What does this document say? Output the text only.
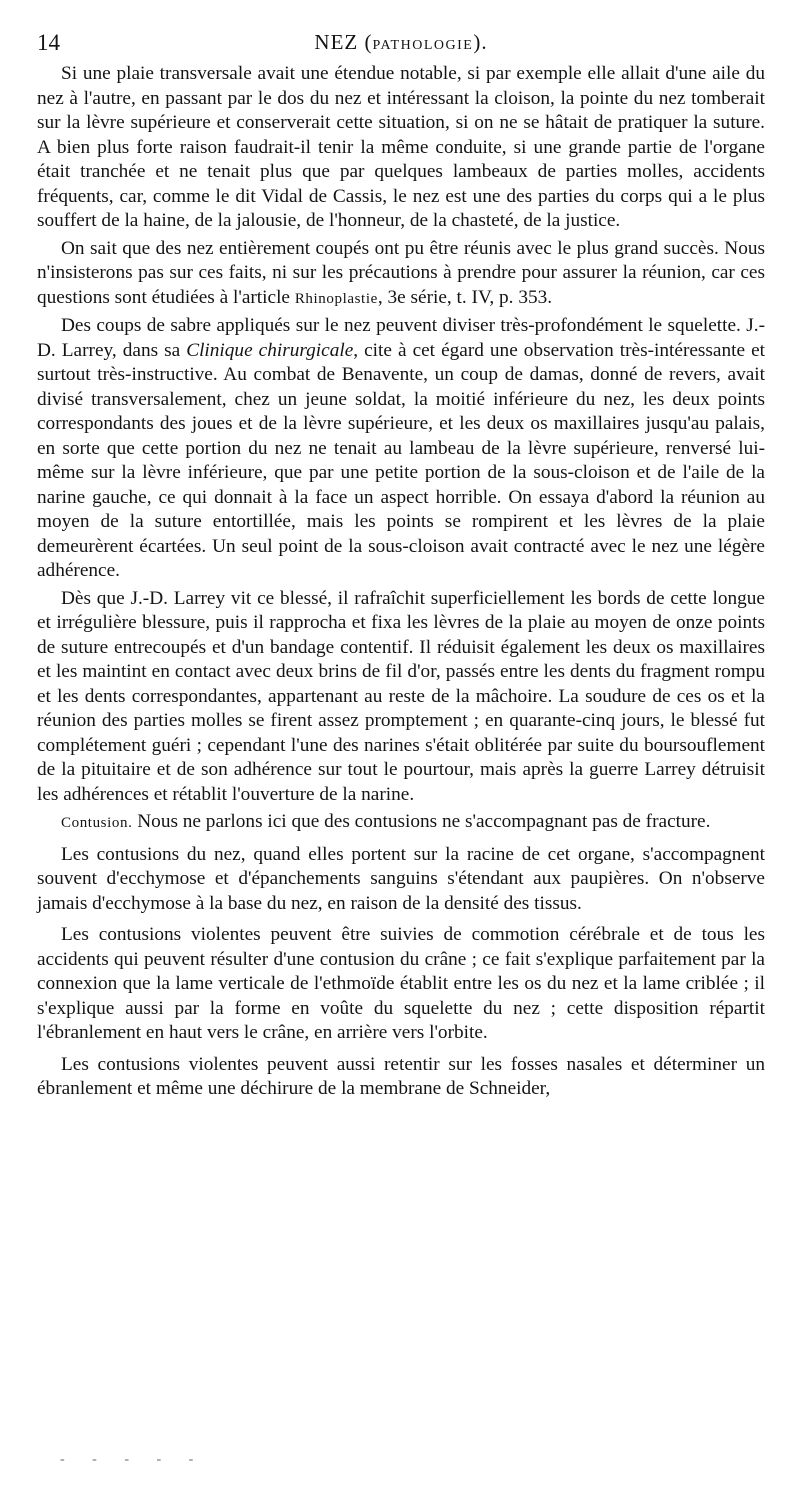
14	NEZ (PATHOLOGIE).

Si une plaie transversale avait une étendue notable, si par exemple elle allait d'une aile du nez à l'autre, en passant par le dos du nez et intéressant la cloison, la pointe du nez tomberait sur la lèvre supérieure et conserverait cette situation, si on ne se hâtait de pratiquer la suture. A bien plus forte raison faudrait-il tenir la même conduite, si une grande partie de l'organe était tranchée et ne tenait plus que par quelques lambeaux de parties molles, accidents fréquents, car, comme le dit Vidal de Cassis, le nez est une des parties du corps qui a le plus souffert de la haine, de la jalousie, de l'honneur, de la chasteté, de la justice.

On sait que des nez entièrement coupés ont pu être réunis avec le plus grand succès. Nous n'insisterons pas sur ces faits, ni sur les précautions à prendre pour assurer la réunion, car ces questions sont étudiées à l'article Rhinoplastie, 3e série, t. IV, p. 353.

Des coups de sabre appliqués sur le nez peuvent diviser très-profondément le squelette. J.-D. Larrey, dans sa Clinique chirurgicale, cite à cet égard une observation très-intéressante et surtout très-instructive. Au combat de Benavente, un coup de damas, donné de revers, avait divisé transversalement, chez un jeune soldat, la moitié inférieure du nez, les deux points correspondants des joues et de la lèvre supérieure, et les deux os maxillaires jusqu'au palais, en sorte que cette portion du nez ne tenait au lambeau de la lèvre supérieure, renversé lui-même sur la lèvre inférieure, que par une petite portion de la sous-cloison et de l'aile de la narine gauche, ce qui donnait à la face un aspect horrible. On essaya d'abord la réunion au moyen de la suture entortillée, mais les points se rompirent et les lèvres de la plaie demeurèrent écartées. Un seul point de la sous-cloison avait contracté avec le nez une légère adhérence.

Dès que J.-D. Larrey vit ce blessé, il rafraîchit superficiellement les bords de cette longue et irrégulière blessure, puis il rapprocha et fixa les lèvres de la plaie au moyen de onze points de suture entrecoupés et d'un bandage contentif. Il réduisit également les deux os maxillaires et les maintint en contact avec deux brins de fil d'or, passés entre les dents du fragment rompu et les dents correspondantes, appartenant au reste de la mâchoire. La soudure de ces os et la réunion des parties molles se firent assez promptement ; en quarante-cinq jours, le blessé fut complétement guéri ; cependant l'une des narines s'était oblitérée par suite du boursouflement de la pituitaire et de son adhérence sur tout le pourtour, mais après la guerre Larrey détruisit les adhérences et rétablit l'ouverture de la narine.

Contusion. Nous ne parlons ici que des contusions ne s'accompagnant pas de fracture.

Les contusions du nez, quand elles portent sur la racine de cet organe, s'accompagnent souvent d'ecchymose et d'épanchements sanguins s'étendant aux paupières. On n'observe jamais d'ecchymose à la base du nez, en raison de la densité des tissus.

Les contusions violentes peuvent être suivies de commotion cérébrale et de tous les accidents qui peuvent résulter d'une contusion du crâne ; ce fait s'explique parfaitement par la connexion que la lame verticale de l'ethmoïde établit entre les os du nez et la lame criblée ; il s'explique aussi par la forme en voûte du squelette du nez ; cette disposition répartit l'ébranlement en haut vers le crâne, en arrière vers l'orbite.

Les contusions violentes peuvent aussi retentir sur les fosses nasales et déterminer un ébranlement et même une déchirure de la membrane de Schneider,

- - - - -
